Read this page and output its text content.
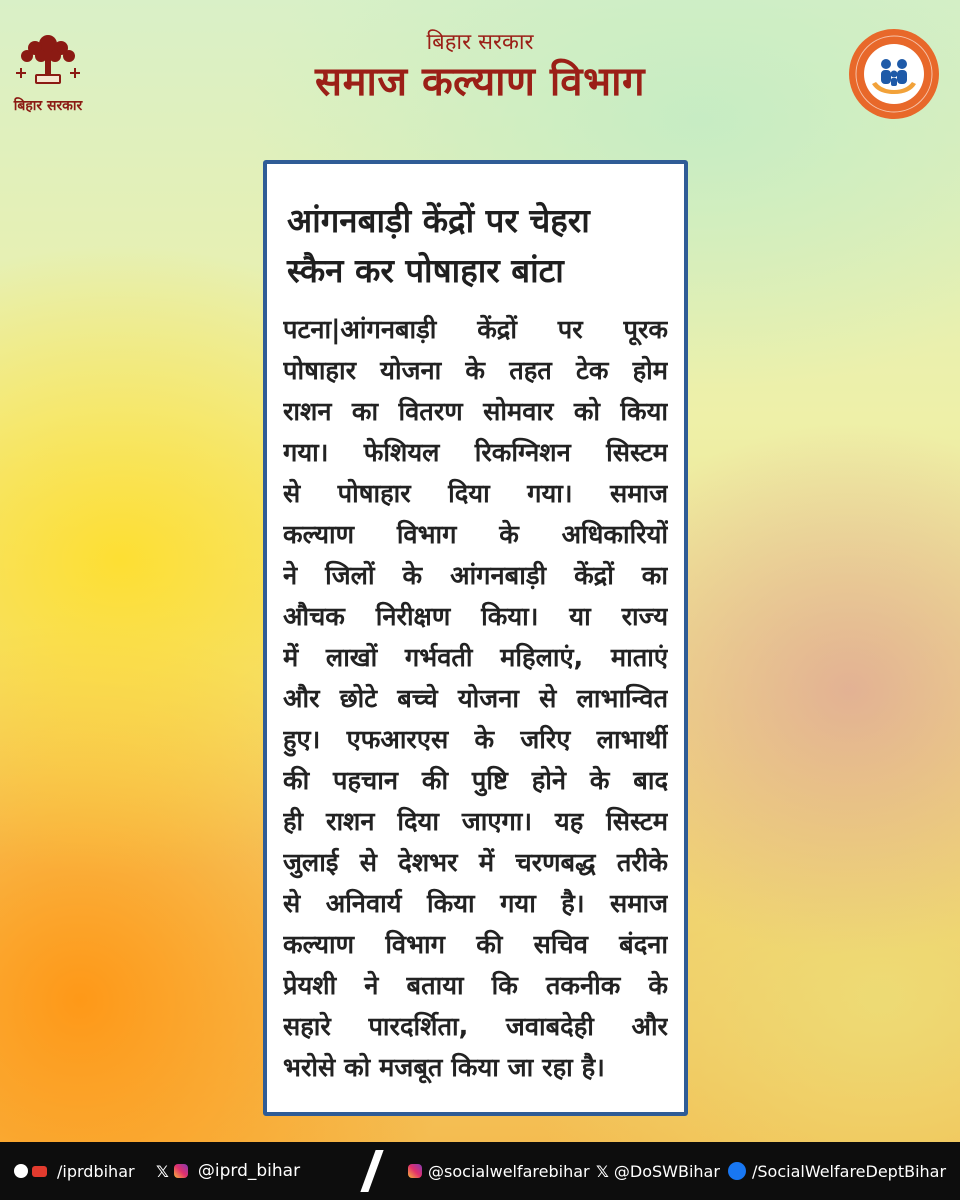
बिहार सरकार
बिहार सरकार
समाज कल्याण विभाग
आंगनबाड़ी केंद्रों पर चेहरा
स्कैन कर पोषाहार बांटा
पटना|आंगनबाड़ी केंद्रों पर पूरक
पोषाहार योजना के तहत टेक होम
राशन का वितरण सोमवार को किया
गया। फेशियल रिकग्निशन सिस्टम
से पोषाहार दिया गया। समाज
कल्याण विभाग के अधिकारियों
ने जिलों के आंगनबाड़ी केंद्रों का
औचक निरीक्षण किया। या राज्य
में लाखों गर्भवती महिलाएं, माताएं
और छोटे बच्चे योजना से लाभान्वित
हुए। एफआरएस के जरिए लाभार्थी
की पहचान की पुष्टि होने के बाद
ही राशन दिया जाएगा। यह सिस्टम
जुलाई से देशभर में चरणबद्ध तरीके
से अनिवार्य किया गया है। समाज
कल्याण विभाग की सचिव बंदना
प्रेयशी ने बताया कि तकनीक के
सहारे पारदर्शिता, जवाबदेही और
भरोसे को मजबूत किया जा रहा है।
/iprdbihar 𝕏 @iprd_bihar	@socialwelfarebihar 𝕏 @DoSWBihar /SocialWelfareDeptBihar
